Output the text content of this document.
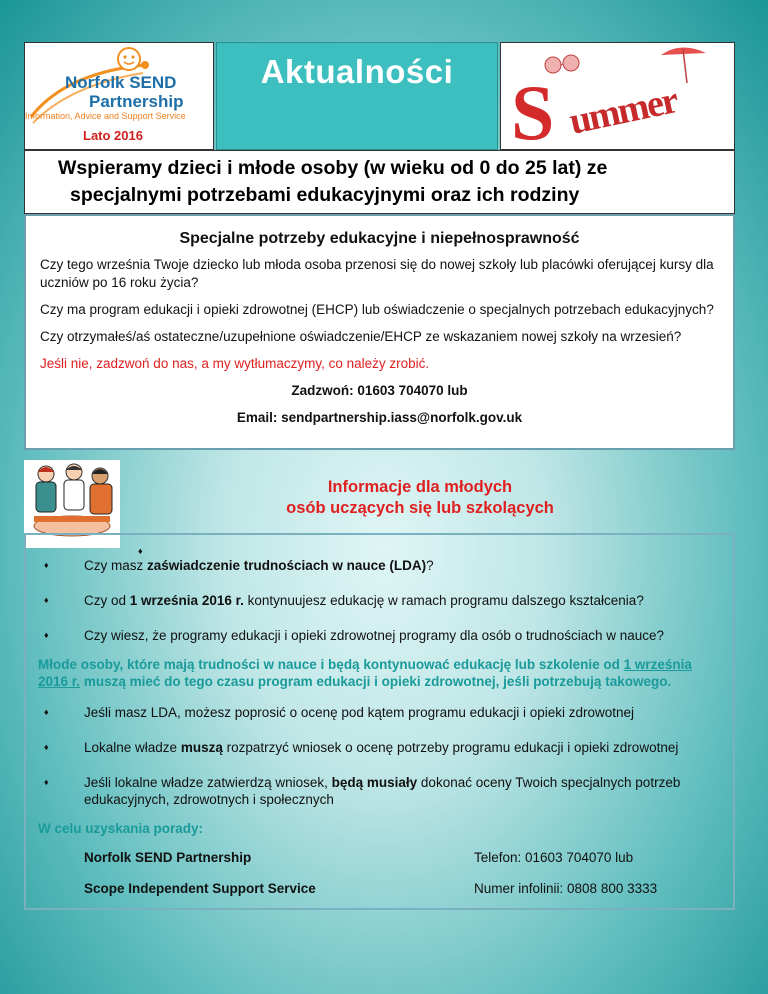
Norfolk SEND
Partnership
Information, Advice and Support Service
Lato 2016
Aktualności S ummer
Wspieramy dzieci i młode osoby (w wieku od 0 do 25 lat) ze
specjalnymi potrzebami edukacyjnymi oraz ich rodziny
Specjalne potrzeby edukacyjne i niepełnosprawność

Czy tego września Twoje dziecko lub młoda osoba przenosi się do nowej szkoły lub placówki oferującej kursy dla uczniów po 16 roku życia?

Czy ma program edukacji i opieki zdrowotnej (EHCP) lub oświadczenie o specjalnych potrzebach edukacyjnych?

Czy otrzymałeś/aś ostateczne/uzupełnione oświadczenie/EHCP ze wskazaniem nowej szkoły na wrzesień?

Jeśli nie, zadzwoń do nas, a my wytłumaczymy, co należy zrobić.

Zadzwoń: 01603 704070 lub

Email: sendpartnership.iass@norfolk.gov.uk

Informacje dla młodych
osób uczących się lub szkolących
♦
♦	Czy masz zaświadczenie trudnościach w nauce (LDA)?
♦	Czy od 1 września 2016 r. kontynuujesz edukację w ramach programu dalszego kształcenia?
♦	Czy wiesz, że programy edukacji i opieki zdrowotnej programy dla osób o trudnościach w nauce?
Młode osoby, które mają trudności w nauce i będą kontynuować edukację lub szkolenie od 1 września 2016 r. muszą mieć do tego czasu program edukacji i opieki zdrowotnej, jeśli potrzebują takowego.
♦	Jeśli masz LDA, możesz poprosić o ocenę pod kątem programu edukacji i opieki zdrowotnej
♦	Lokalne władze muszą rozpatrzyć wniosek o ocenę potrzeby programu edukacji i opieki zdrowotnej
♦	Jeśli lokalne władze zatwierdzą wniosek, będą musiały dokonać oceny Twoich specjalnych potrzeb edukacyjnych, zdrowotnych i społecznych
W celu uzyskania porady:
Norfolk SEND Partnership	Telefon: 01603 704070 lub
Scope Independent Support Service	Numer infolinii: 0808 800 3333
